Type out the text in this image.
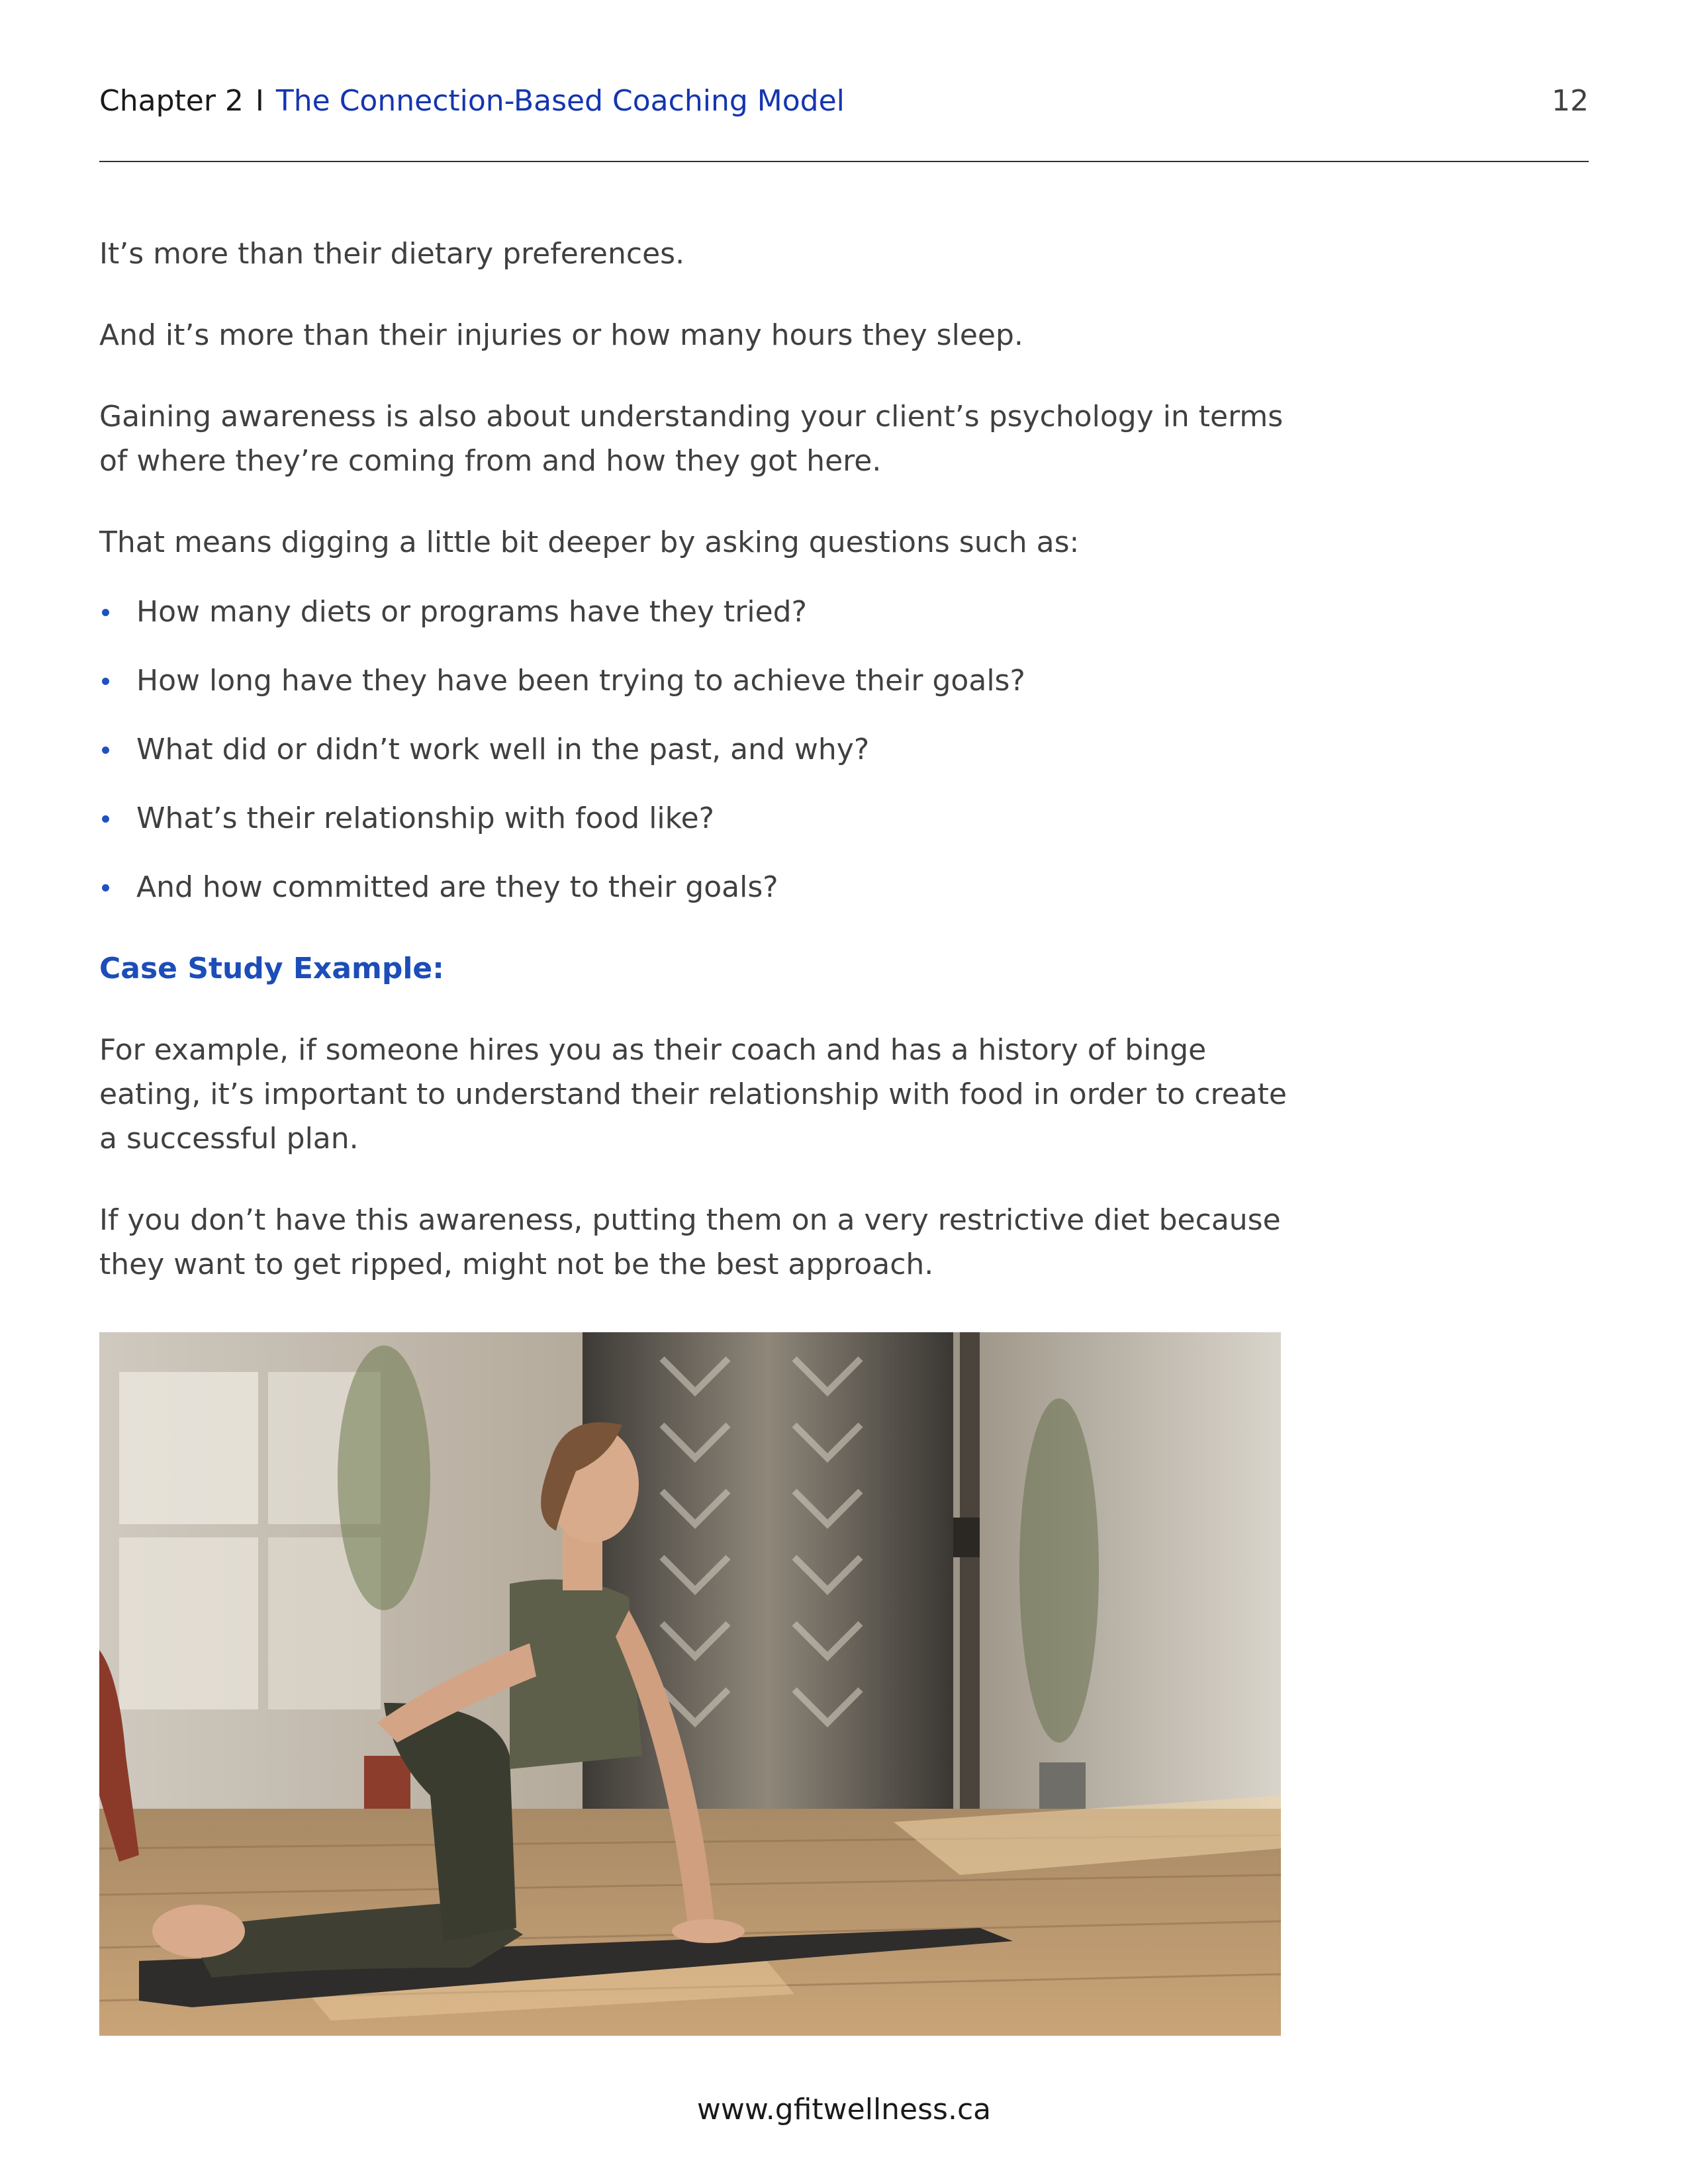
Chapter 2 I The Connection-Based Coaching Model	12

It’s more than their dietary preferences.

And it’s more than their injuries or how many hours they sleep.

Gaining awareness is also about understanding your client’s psychology in terms of where they’re coming from and how they got here.

That means digging a little bit deeper by asking questions such as:

How many diets or programs have they tried?
How long have they have been trying to achieve their goals?
What did or didn’t work well in the past, and why?
What’s their relationship with food like?
And how committed are they to their goals?

Case Study Example:

For example, if someone hires you as their coach and has a history of binge eating, it’s important to understand their relationship with food in order to create a successful plan.

If you don’t have this awareness, putting them on a very restrictive diet because they want to get ripped, might not be the best approach.

www.gfitwellness.ca
